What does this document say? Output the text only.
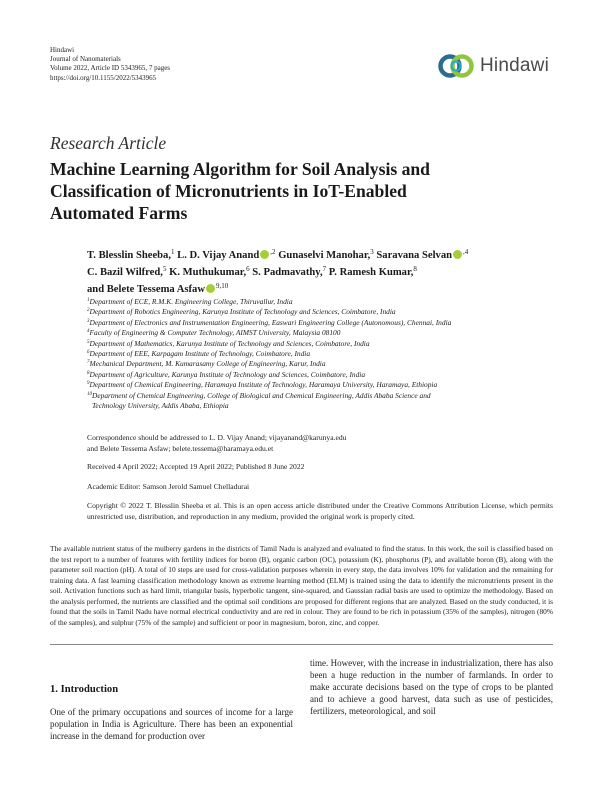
Hindawi
Journal of Nanomaterials
Volume 2022, Article ID 5343965, 7 pages
https://doi.org/10.1155/2022/5343965
Hindawi
Research Article
Machine Learning Algorithm for Soil Analysis and
Classification of Micronutrients in IoT-Enabled
Automated Farms
T. Blesslin Sheeba,$^1$ L. D. Vijay Anand $^{,2}$ Gunaselvi Manohar,$^3$ Saravana Selvan $^{,4}$
C. Bazil Wilfred,$^5$ K. Muthukumar,$^6$ S. Padmavathy,$^7$ P. Ramesh Kumar,$^8$
and Belete Tessema Asfaw $^{9,10}$
$^1$Department of ECE, R.M.K. Engineering College, Thiruvallur, India
$^2$Department of Robotics Engineering, Karunya Institute of Technology and Sciences, Coimbatore, India
$^3$Department of Electronics and Instrumentation Engineering, Easwari Engineering College (Autonomous), Chennai, India
$^4$Faculty of Engineering & Computer Technology, AIMST University, Malaysia 08100
$^5$Department of Mathematics, Karunya Institute of Technology and Sciences, Coimbatore, India
$^6$Department of EEE, Karpagam Institute of Technology, Coimbatore, India
$^7$Mechanical Department, M. Kumarasamy College of Engineering, Karur, India
$^8$Department of Agriculture, Karunya Institute of Technology and Sciences, Coimbatore, India
$^9$Department of Chemical Engineering, Haramaya Institute of Technology, Haramaya University, Haramaya, Ethiopia
$^{10}$Department of Chemical Engineering, College of Biological and Chemical Engineering, Addis Ababa Science and
Technology University, Addis Ababa, Ethiopia
Correspondence should be addressed to L. D. Vijay Anand; vijayanand@karunya.edu
and Belete Tessema Asfaw; belete.tessema@haramaya.edu.et
Received 4 April 2022; Accepted 19 April 2022; Published 8 June 2022
Academic Editor: Samson Jerold Samuel Chelladurai
Copyright © 2022 T. Blesslin Sheeba et al. This is an open access article distributed under the Creative Commons Attribution License, which permits unrestricted use, distribution, and reproduction in any medium, provided the original work is properly cited.
The available nutrient status of the mulberry gardens in the districts of Tamil Nadu is analyzed and evaluated to find the status. In this work, the soil is classified based on the test report to a number of features with fertility indices for boron (B), organic carbon (OC), potassium (K), phosphorus (P), and available boron (B), along with the parameter soil reaction (pH). A total of 10 steps are used for cross-validation purposes wherein in every step, the data involves 10% for validation and the remaining for training data. A fast learning classification methodology known as extreme learning method (ELM) is trained using the data to identify the micronutrients present in the soil. Activation functions such as hard limit, triangular basis, hyperbolic tangent, sine-squared, and Gaussian radial basis are used to optimize the methodology. Based on the analysis performed, the nutrients are classified and the optimal soil conditions are proposed for different regions that are analyzed. Based on the study conducted, it is found that the soils in Tamil Nadu have normal electrical conductivity and are red in colour. They are found to be rich in potassium (35% of the samples), nitrogen (80% of the samples), and sulphur (75% of the sample) and sufficient or poor in magnesium, boron, zinc, and copper.
1. Introduction
One of the primary occupations and sources of income for a large population in India is Agriculture. There has been an exponential increase in the demand for production over
time. However, with the increase in industrialization, there has also been a huge reduction in the number of farmlands. In order to make accurate decisions based on the type of crops to be planted and to achieve a good harvest, data such as use of pesticides, fertilizers, meteorological, and soil
